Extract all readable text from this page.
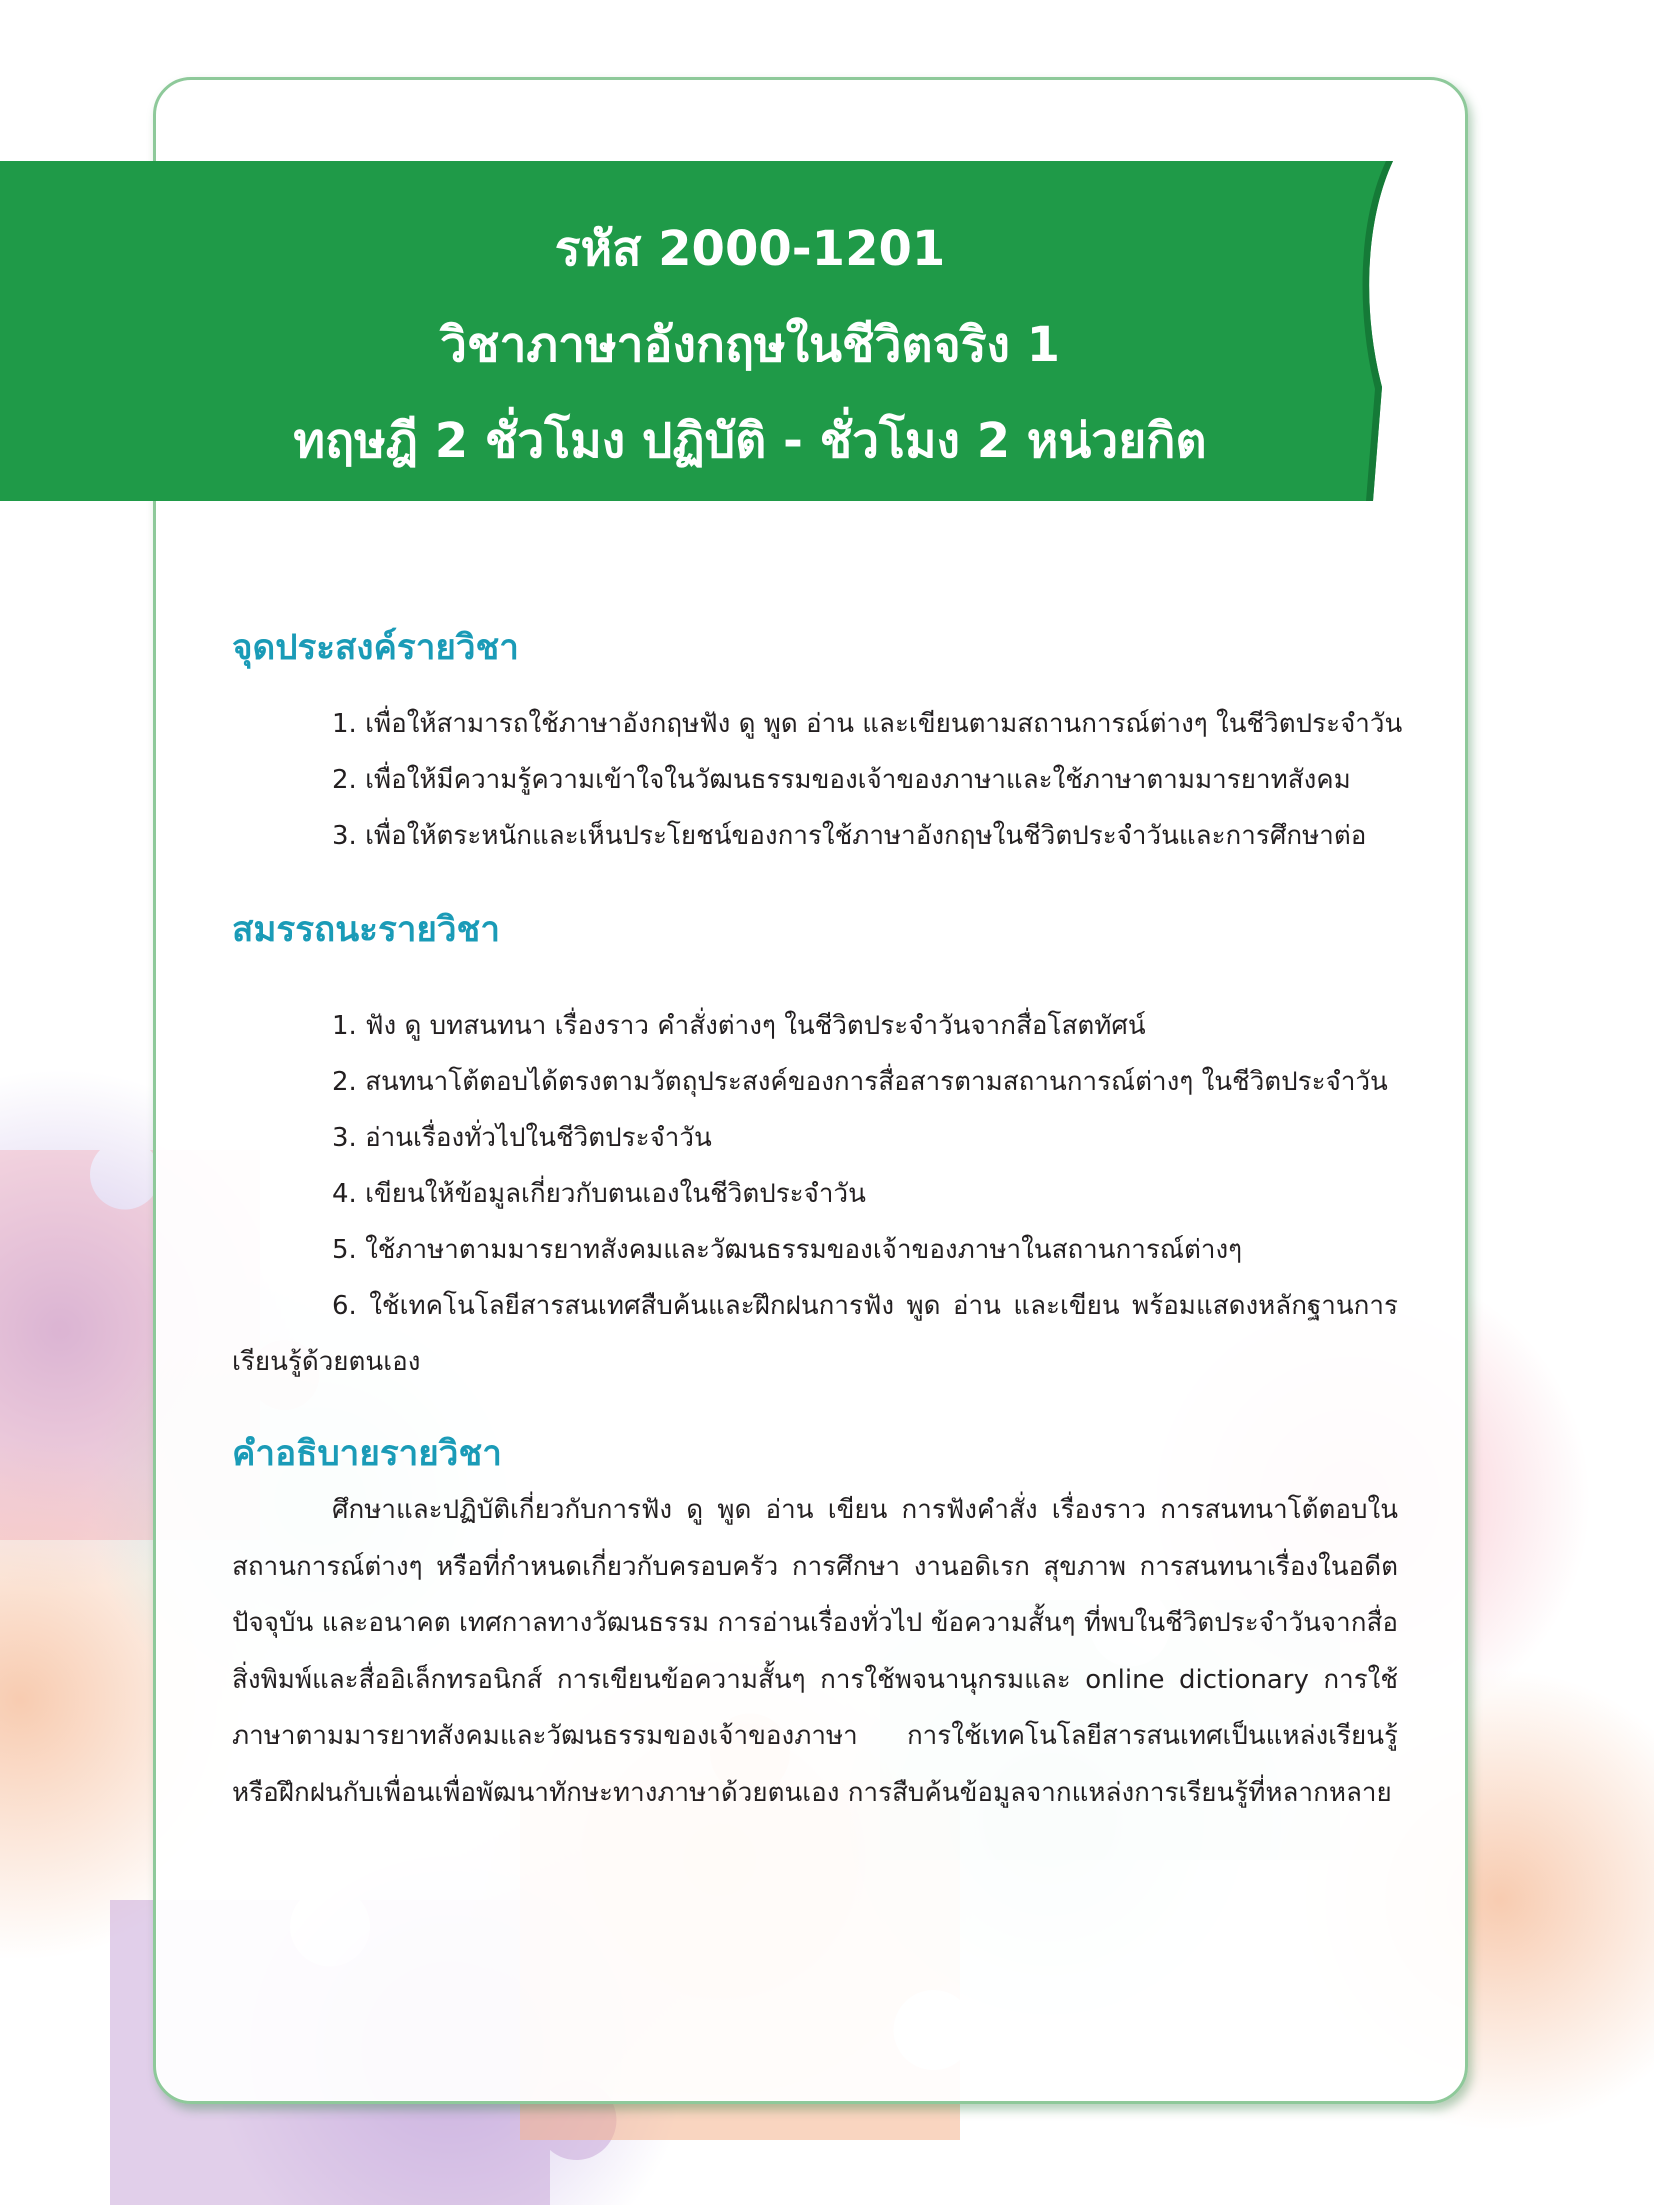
รหัส 2000-1201
วิชาภาษาอังกฤษในชีวิตจริง 1
ทฤษฎี 2 ชั่วโมง ปฏิบัติ - ชั่วโมง 2 หน่วยกิต
จุดประสงค์รายวิชา
1. เพื่อให้สามารถใช้ภาษาอังกฤษฟัง ดู พูด อ่าน และเขียนตามสถานการณ์ต่างๆ ในชีวิตประจำวัน
2. เพื่อให้มีความรู้ความเข้าใจในวัฒนธรรมของเจ้าของภาษาและใช้ภาษาตามมารยาทสังคม
3. เพื่อให้ตระหนักและเห็นประโยชน์ของการใช้ภาษาอังกฤษในชีวิตประจำวันและการศึกษาต่อ
สมรรถนะรายวิชา
1. ฟัง ดู บทสนทนา เรื่องราว คำสั่งต่างๆ ในชีวิตประจำวันจากสื่อโสตทัศน์
2. สนทนาโต้ตอบได้ตรงตามวัตถุประสงค์ของการสื่อสารตามสถานการณ์ต่างๆ ในชีวิตประจำวัน
3. อ่านเรื่องทั่วไปในชีวิตประจำวัน
4. เขียนให้ข้อมูลเกี่ยวกับตนเองในชีวิตประจำวัน
5. ใช้ภาษาตามมารยาทสังคมและวัฒนธรรมของเจ้าของภาษาในสถานการณ์ต่างๆ
6. ใช้เทคโนโลยีสารสนเทศสืบค้นและฝึกฝนการฟัง พูด อ่าน และเขียน พร้อมแสดงหลักฐานการเรียนรู้ด้วยตนเอง
คำอธิบายรายวิชา

ศึกษาและปฏิบัติเกี่ยวกับการฟัง ดู พูด อ่าน เขียน การฟังคำสั่ง เรื่องราว การสนทนาโต้ตอบในสถานการณ์ต่างๆ หรือที่กำหนดเกี่ยวกับครอบครัว การศึกษา งานอดิเรก สุขภาพ การสนทนาเรื่องในอดีต ปัจจุบัน และอนาคต เทศกาลทางวัฒนธรรม การอ่านเรื่องทั่วไป ข้อความสั้นๆ ที่พบในชีวิตประจำวันจากสื่อสิ่งพิมพ์และสื่ออิเล็กทรอนิกส์ การเขียนข้อความสั้นๆ การใช้พจนานุกรมและ online dictionary การใช้ภาษาตามมารยาทสังคมและวัฒนธรรมของเจ้าของภาษา การใช้เทคโนโลยีสารสนเทศเป็นแหล่งเรียนรู้หรือฝึกฝนกับเพื่อนเพื่อพัฒนาทักษะทางภาษาด้วยตนเอง การสืบค้นข้อมูลจากแหล่งการเรียนรู้ที่หลากหลาย
